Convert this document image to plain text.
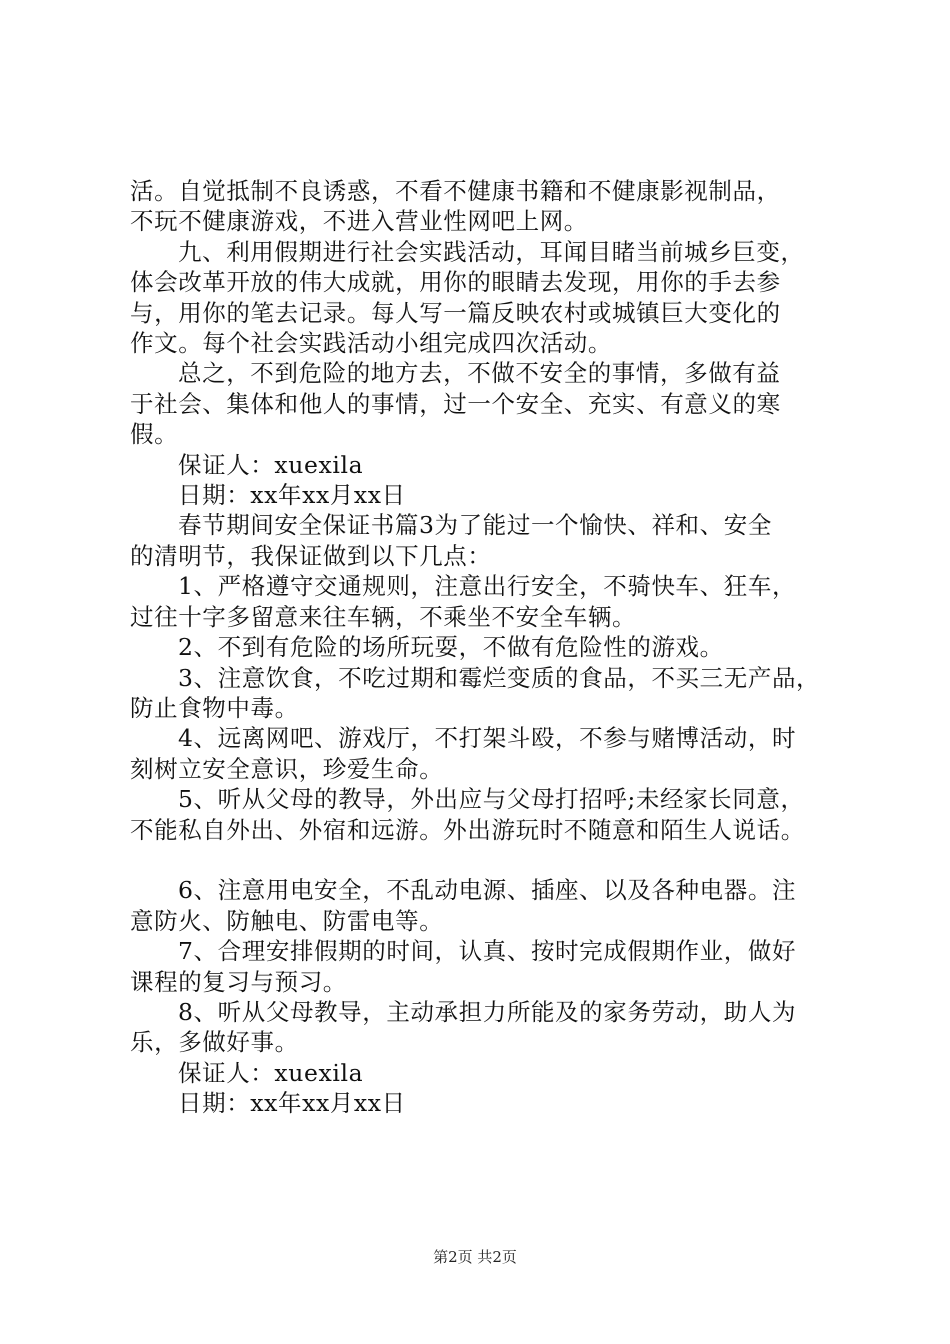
活。自觉抵制不良诱惑，不看不健康书籍和不健康影视制品，

不玩不健康游戏，不进入营业性网吧上网。

九、利用假期进行社会实践活动，耳闻目睹当前城乡巨变，

体会改革开放的伟大成就，用你的眼睛去发现，用你的手去参

与，用你的笔去记录。每人写一篇反映农村或城镇巨大变化的

作文。每个社会实践活动小组完成四次活动。

总之，不到危险的地方去，不做不安全的事情，多做有益

于社会、集体和他人的事情，过一个安全、充实、有意义的寒

假。

保证人：xuexila

日期：xx年xx月xx日

春节期间安全保证书篇3为了能过一个愉快、祥和、安全

的清明节，我保证做到以下几点：

1、严格遵守交通规则，注意出行安全，不骑快车、狂车，

过往十字多留意来往车辆，不乘坐不安全车辆。

2、不到有危险的场所玩耍，不做有危险性的游戏。

3、注意饮食，不吃过期和霉烂变质的食品，不买三无产品，

防止食物中毒。

4、远离网吧、游戏厅，不打架斗殴，不参与赌博活动，时

刻树立安全意识，珍爱生命。

5、听从父母的教导，外出应与父母打招呼;未经家长同意，

不能私自外出、外宿和远游。外出游玩时不随意和陌生人说话。

6、注意用电安全，不乱动电源、插座、以及各种电器。注

意防火、防触电、防雷电等。

7、合理安排假期的时间，认真、按时完成假期作业，做好

课程的复习与预习。

8、听从父母教导，主动承担力所能及的家务劳动，助人为

乐，多做好事。

保证人：xuexila

日期：xx年xx月xx日

第2页 共2页
